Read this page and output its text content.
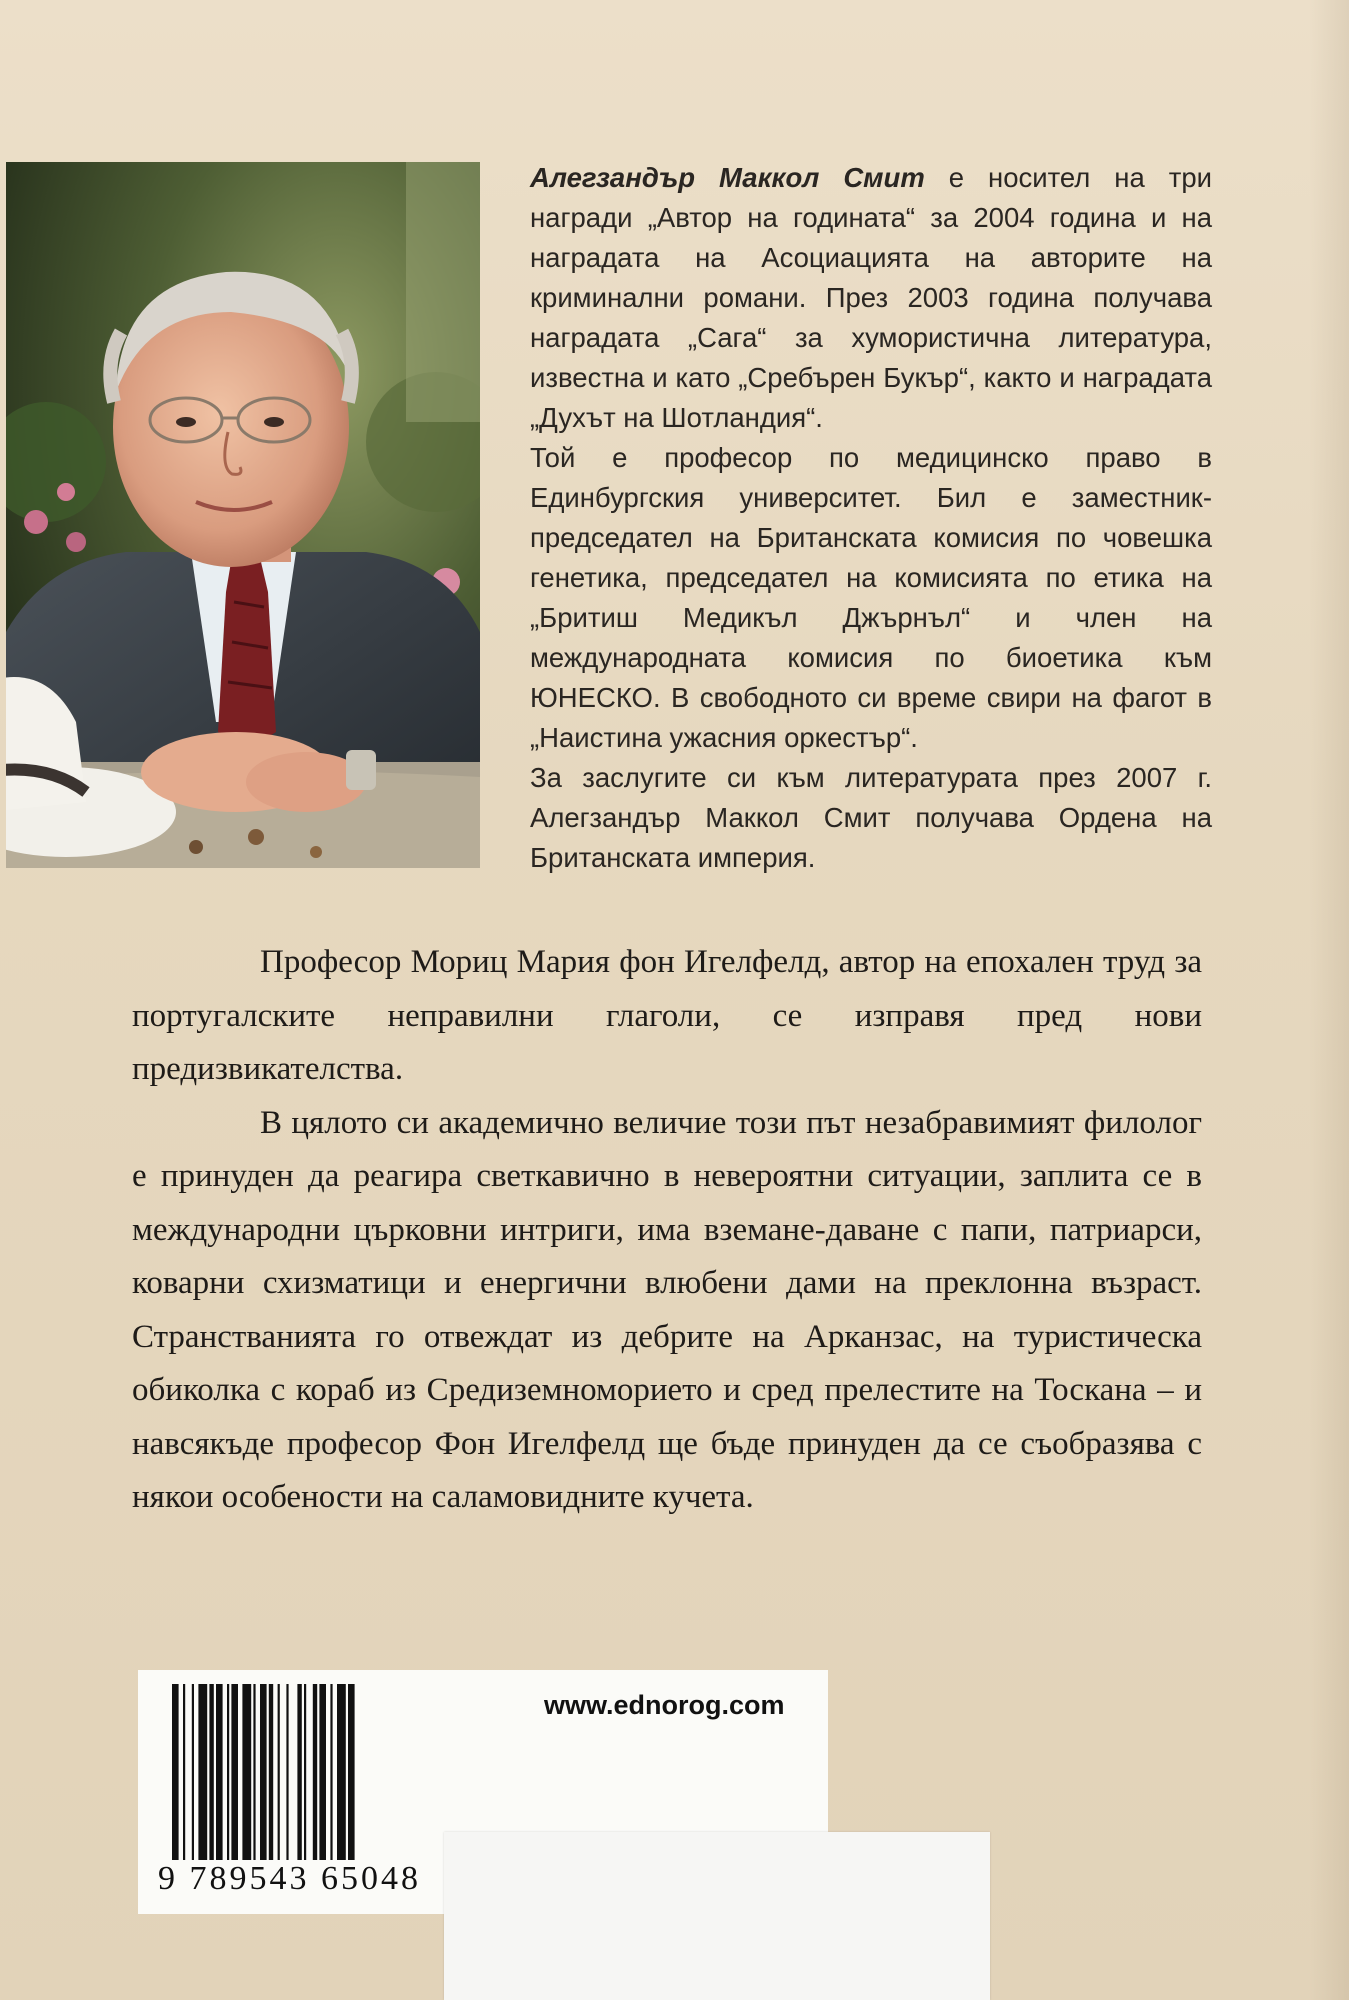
Алегзандър Маккол Смит е носител на три награди „Автор на годината“ за 2004 година и на наградата на Асоциацията на авторите на криминални романи. През 2003 година получава наградата „Сага“ за хумористична литература, известна и като „Сребърен Букър“, както и наградата „Духът на Шотландия“.

Той е професор по медицинско право в Единбургския университет. Бил е заместник-председател на Британската комисия по човешка генетика, председател на комисията по етика на „Бритиш Медикъл Джърнъл“ и член на международната комисия по биоетика към ЮНЕСКО. В свободното си време свири на фагот в „Наистина ужасния оркестър“.

За заслугите си към литературата през 2007 г. Алегзандър Маккол Смит получава Ордена на Британската империя.

Професор Мориц Мария фон Игелфелд, автор на епохален труд за португалските неправилни глаголи, се изправя пред нови предизвикателства.

В цялото си академично величие този път незабравимият филолог е принуден да реагира светкавично в невероятни ситуации, заплита се в международни църковни интриги, има вземане-даване с папи, патриарси, коварни схизматици и енергични влюбени дами на преклонна възраст. Странстванията го отвеждат из дебрите на Арканзас, на туристическа обиколка с кораб из Средиземноморието и сред прелестите на Тоскана – и навсякъде професор Фон Игелфелд ще бъде принуден да се съобразява с някои особености на саламовидните кучета.

9 789543 65048
www.ednorog.com
